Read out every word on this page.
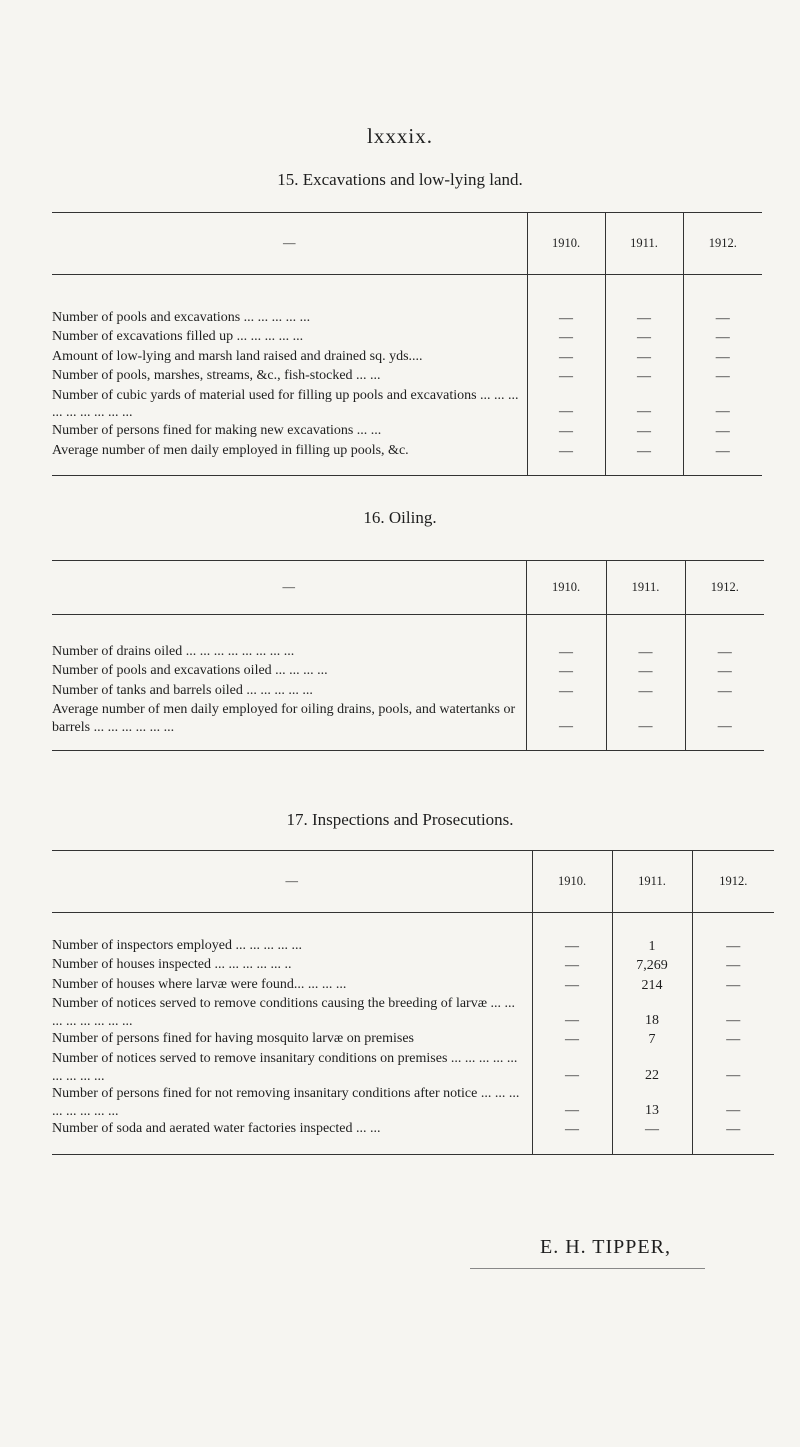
lxxxix.
15. Excavations and low-lying land.
—	1910.	1911.	1912.

Number of pools and excavations ... ... ... ... ...	—	—	—
Number of excavations filled up ... ... ... ... ...	—	—	—
Amount of low-lying and marsh land raised and drained sq. yds....	—	—	—
Number of pools, marshes, streams, &c., fish-stocked ... ...	—	—	—
Number of cubic yards of material used for filling up pools and excavations ... ... ... ... ... ... ... ... ...	—	—	—
Number of persons fined for making new excavations ... ...	—	—	—
Average number of men daily employed in filling up pools, &c.	—	—	—

16. Oiling.
—	1910.	1911.	1912.

Number of drains oiled ... ... ... ... ... ... ... ...	—	—	—
Number of pools and excavations oiled ... ... ... ...	—	—	—
Number of tanks and barrels oiled ... ... ... ... ...	—	—	—
Average number of men daily employed for oiling drains, pools, and watertanks or barrels ... ... ... ... ... ...	—	—	—

17. Inspections and Prosecutions.
—	1910.	1911.	1912.

Number of inspectors employed ... ... ... ... ...	—	1	—
Number of houses inspected ... ... ... ... ... ..	—	7,269	—
Number of houses where larvæ were found... ... ... ...	—	214	—
Number of notices served to remove conditions causing the breeding of larvæ ... ... ... ... ... ... ... ...	—	18	—
Number of persons fined for having mosquito larvæ on premises	—	7	—
Number of notices served to remove insanitary conditions on premises ... ... ... ... ... ... ... ... ...	—	22	—
Number of persons fined for not removing insanitary conditions after notice ... ... ... ... ... ... ... ...	—	13	—
Number of soda and aerated water factories inspected ... ...	—	—	—

E. H. TIPPER,
